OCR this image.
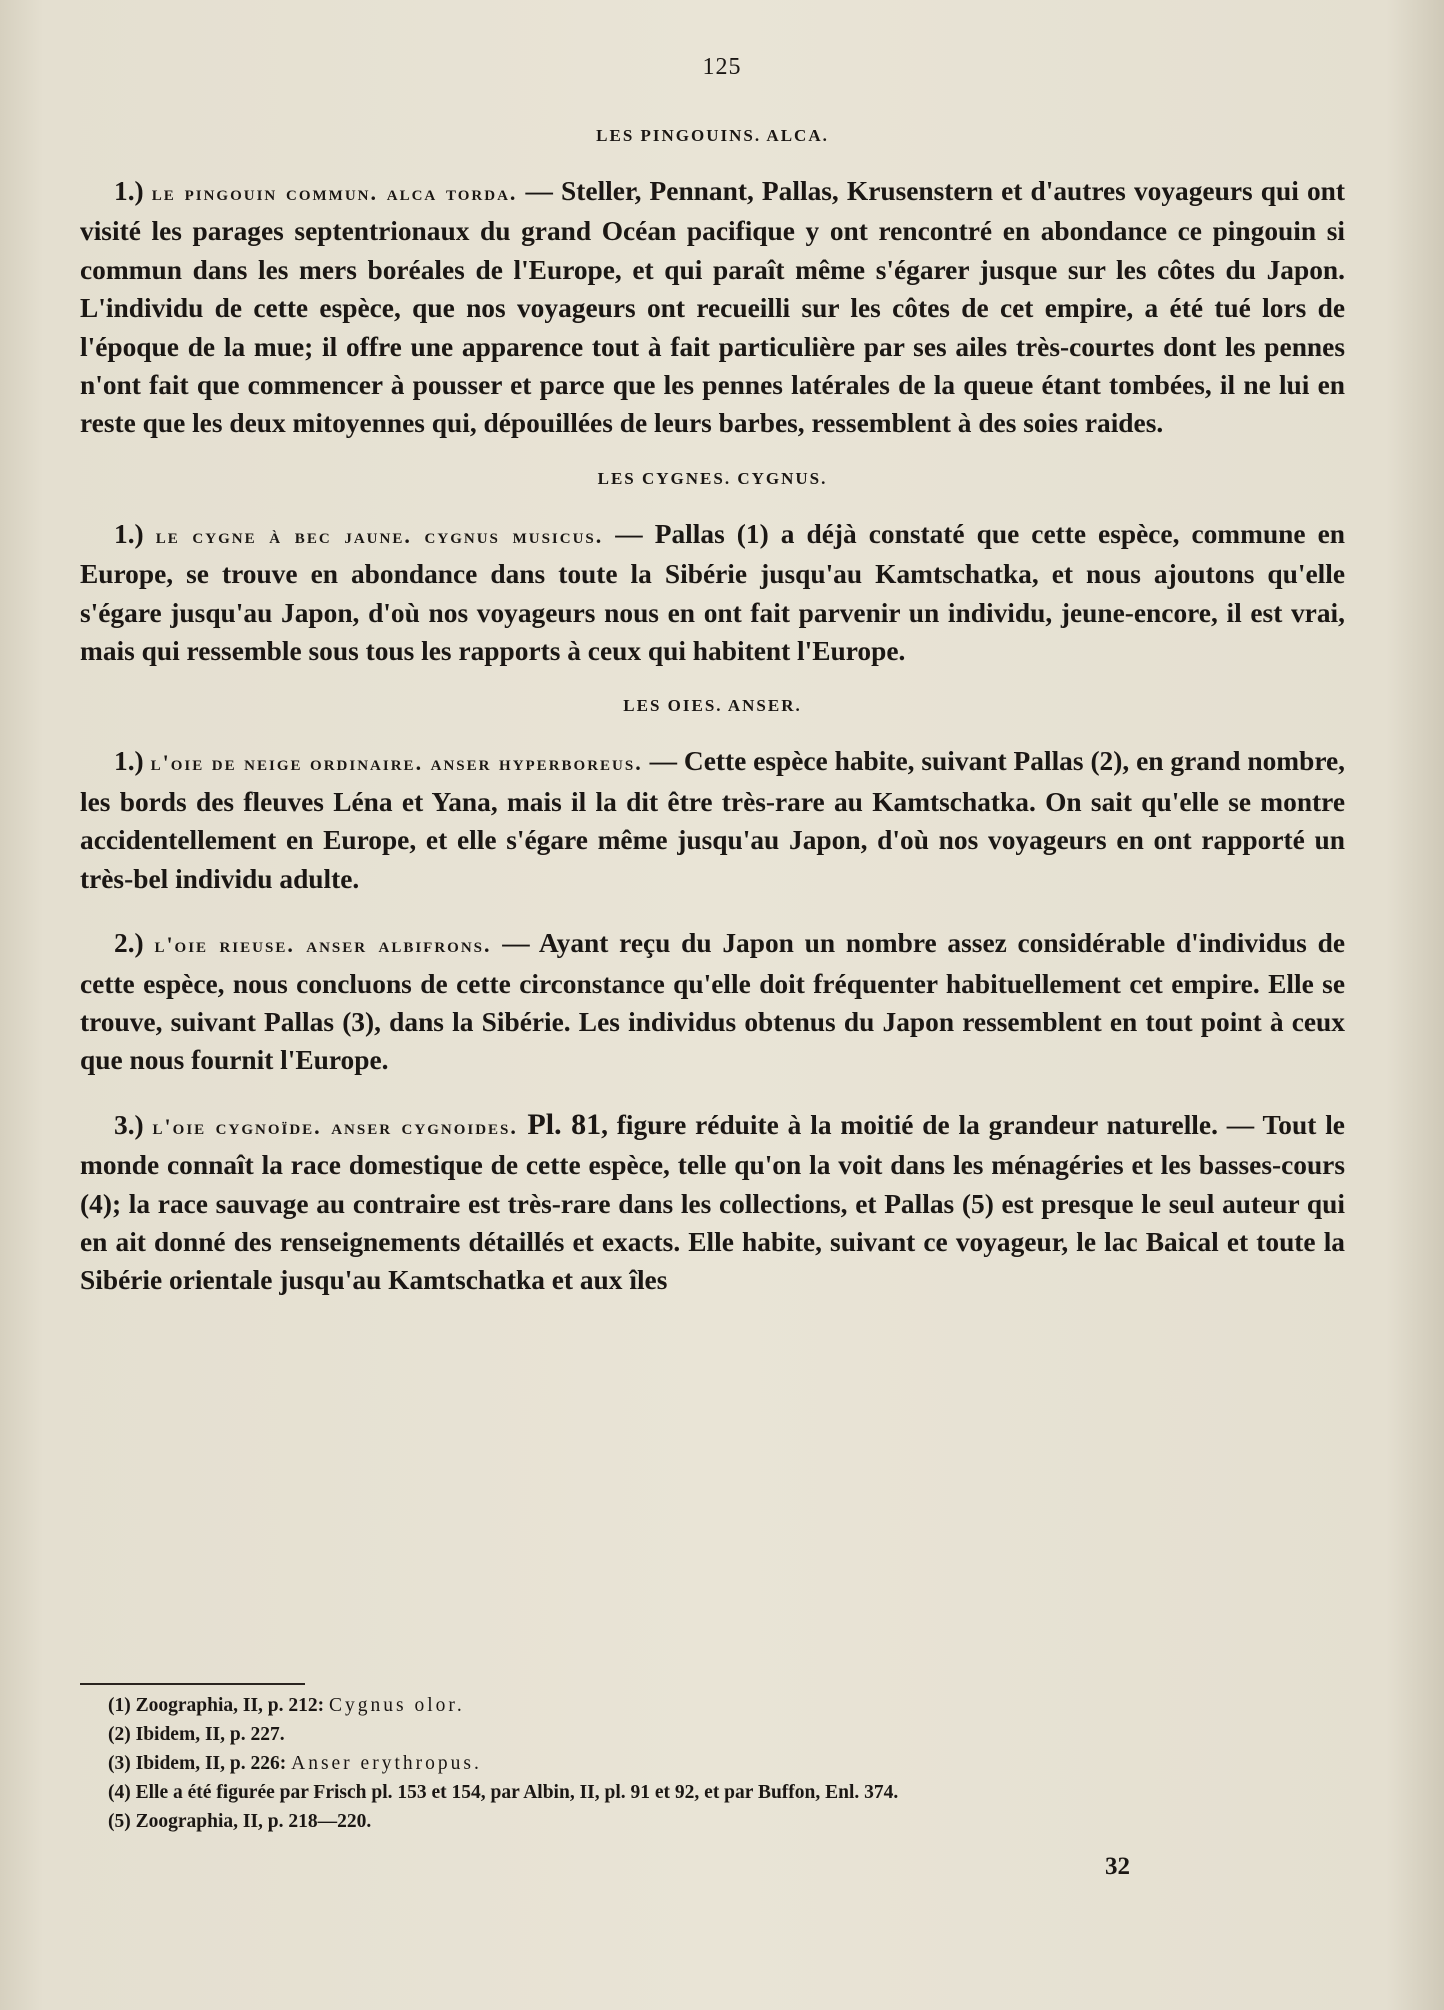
125
LES PINGOUINS. ALCA.

1.) le pingouin commun. alca torda. — Steller, Pennant, Pallas, Krusenstern et d'autres voyageurs qui ont visité les parages septentrionaux du grand Océan pacifique y ont rencontré en abondance ce pingouin si commun dans les mers boréales de l'Europe, et qui paraît même s'égarer jusque sur les côtes du Japon. L'individu de cette espèce, que nos voyageurs ont recueilli sur les côtes de cet empire, a été tué lors de l'époque de la mue; il offre une apparence tout à fait particulière par ses ailes très-courtes dont les pennes n'ont fait que commencer à pousser et parce que les pennes latérales de la queue étant tombées, il ne lui en reste que les deux mitoyennes qui, dépouillées de leurs barbes, ressemblent à des soies raides.

LES CYGNES. CYGNUS.

1.) le cygne à bec jaune. cygnus musicus. — Pallas (1) a déjà constaté que cette espèce, commune en Europe, se trouve en abondance dans toute la Sibérie jusqu'au Kamtschatka, et nous ajoutons qu'elle s'égare jusqu'au Japon, d'où nos voyageurs nous en ont fait parvenir un individu, jeune-encore, il est vrai, mais qui ressemble sous tous les rapports à ceux qui habitent l'Europe.

LES OIES. ANSER.

1.) l'oie de neige ordinaire. anser hyperboreus. — Cette espèce habite, suivant Pallas (2), en grand nombre, les bords des fleuves Léna et Yana, mais il la dit être très-rare au Kamtschatka. On sait qu'elle se montre accidentellement en Europe, et elle s'égare même jusqu'au Japon, d'où nos voyageurs en ont rapporté un très-bel individu adulte.

2.) l'oie rieuse. anser albifrons. — Ayant reçu du Japon un nombre assez considérable d'individus de cette espèce, nous concluons de cette circonstance qu'elle doit fréquenter habituellement cet empire. Elle se trouve, suivant Pallas (3), dans la Sibérie. Les individus obtenus du Japon ressemblent en tout point à ceux que nous fournit l'Europe.

3.) l'oie cygnoïde. anser cygnoides. Pl. 81, figure réduite à la moitié de la grandeur naturelle. — Tout le monde connaît la race domestique de cette espèce, telle qu'on la voit dans les ménagéries et les basses-cours (4); la race sauvage au contraire est très-rare dans les collections, et Pallas (5) est presque le seul auteur qui en ait donné des renseignements détaillés et exacts. Elle habite, suivant ce voyageur, le lac Baical et toute la Sibérie orientale jusqu'au Kamtschatka et aux îles

(1) Zoographia, II, p. 212: Cygnus olor.
(2) Ibidem, II, p. 227.
(3) Ibidem, II, p. 226: Anser erythropus.
(4) Elle a été figurée par Frisch pl. 153 et 154, par Albin, II, pl. 91 et 92, et par Buffon, Enl. 374.
(5) Zoographia, II, p. 218—220.
32
